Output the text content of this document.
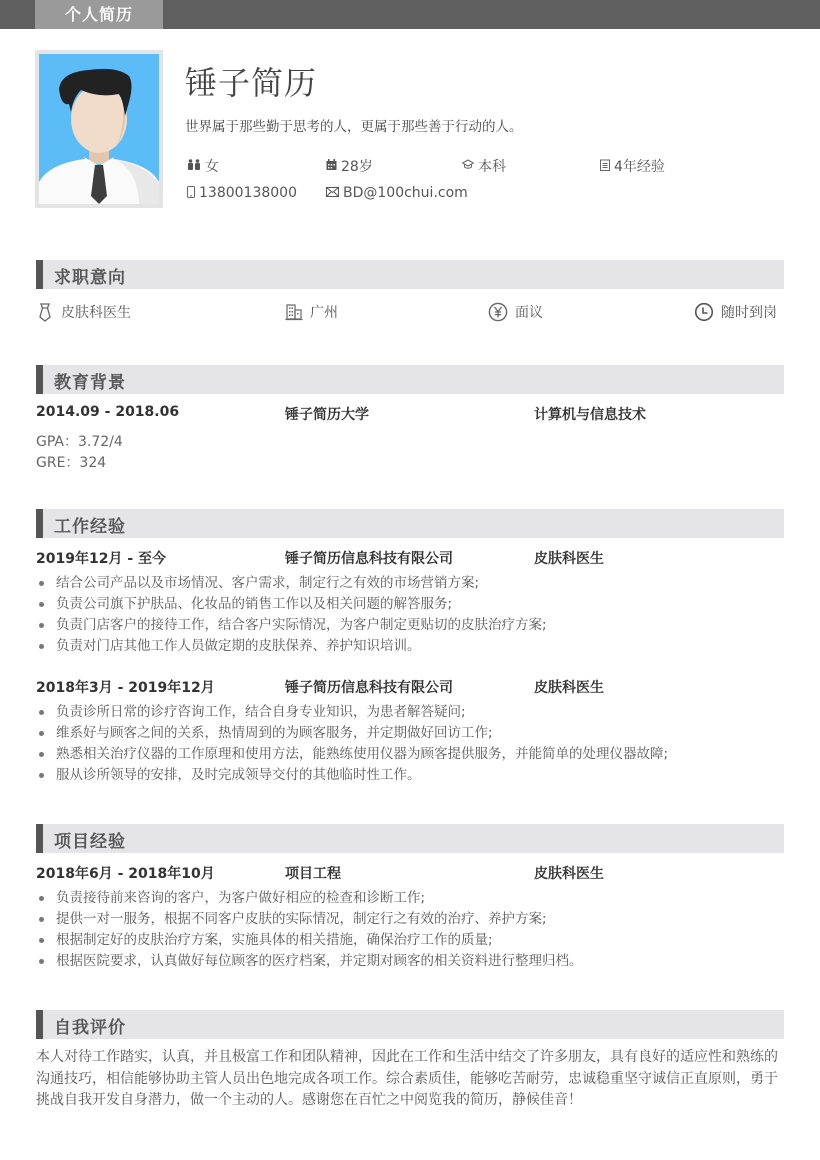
个人简历
锤子简历
世界属于那些勤于思考的人，更属于那些善于行动的人。
女	28岁	本科	4年经验
13800138000	BD@100chui.com
求职意向
皮肤科医生	广州	面议	随时到岗
教育背景
2014.09 - 2018.06	锤子简历大学	计算机与信息技术
GPA：3.72/4
GRE：324
工作经验
2019年12月 - 至今	锤子简历信息科技有限公司	皮肤科医生
结合公司产品以及市场情况、客户需求，制定行之有效的市场营销方案;
负责公司旗下护肤品、化妆品的销售工作以及相关问题的解答服务;
负责门店客户的接待工作，结合客户实际情况，为客户制定更贴切的皮肤治疗方案;
负责对门店其他工作人员做定期的皮肤保养、养护知识培训。
2018年3月 - 2019年12月	锤子简历信息科技有限公司	皮肤科医生
负责诊所日常的诊疗咨询工作，结合自身专业知识，为患者解答疑问;
维系好与顾客之间的关系，热情周到的为顾客服务，并定期做好回访工作;
熟悉相关治疗仪器的工作原理和使用方法，能熟练使用仪器为顾客提供服务，并能简单的处理仪器故障;
服从诊所领导的安排，及时完成领导交付的其他临时性工作。
项目经验
2018年6月 - 2018年10月	项目工程	皮肤科医生
负责接待前来咨询的客户，为客户做好相应的检查和诊断工作;
提供一对一服务，根据不同客户皮肤的实际情况，制定行之有效的治疗、养护方案;
根据制定好的皮肤治疗方案，实施具体的相关措施，确保治疗工作的质量;
根据医院要求，认真做好每位顾客的医疗档案，并定期对顾客的相关资料进行整理归档。
自我评价
本人对待工作踏实，认真，并且极富工作和团队精神，因此在工作和生活中结交了许多朋友，具有良好的适应性和熟练的沟通技巧，相信能够协助主管人员出色地完成各项工作。综合素质佳，能够吃苦耐劳，忠诚稳重坚守诚信正直原则，勇于挑战自我开发自身潜力，做一个主动的人。感谢您在百忙之中阅览我的简历，静候佳音！
